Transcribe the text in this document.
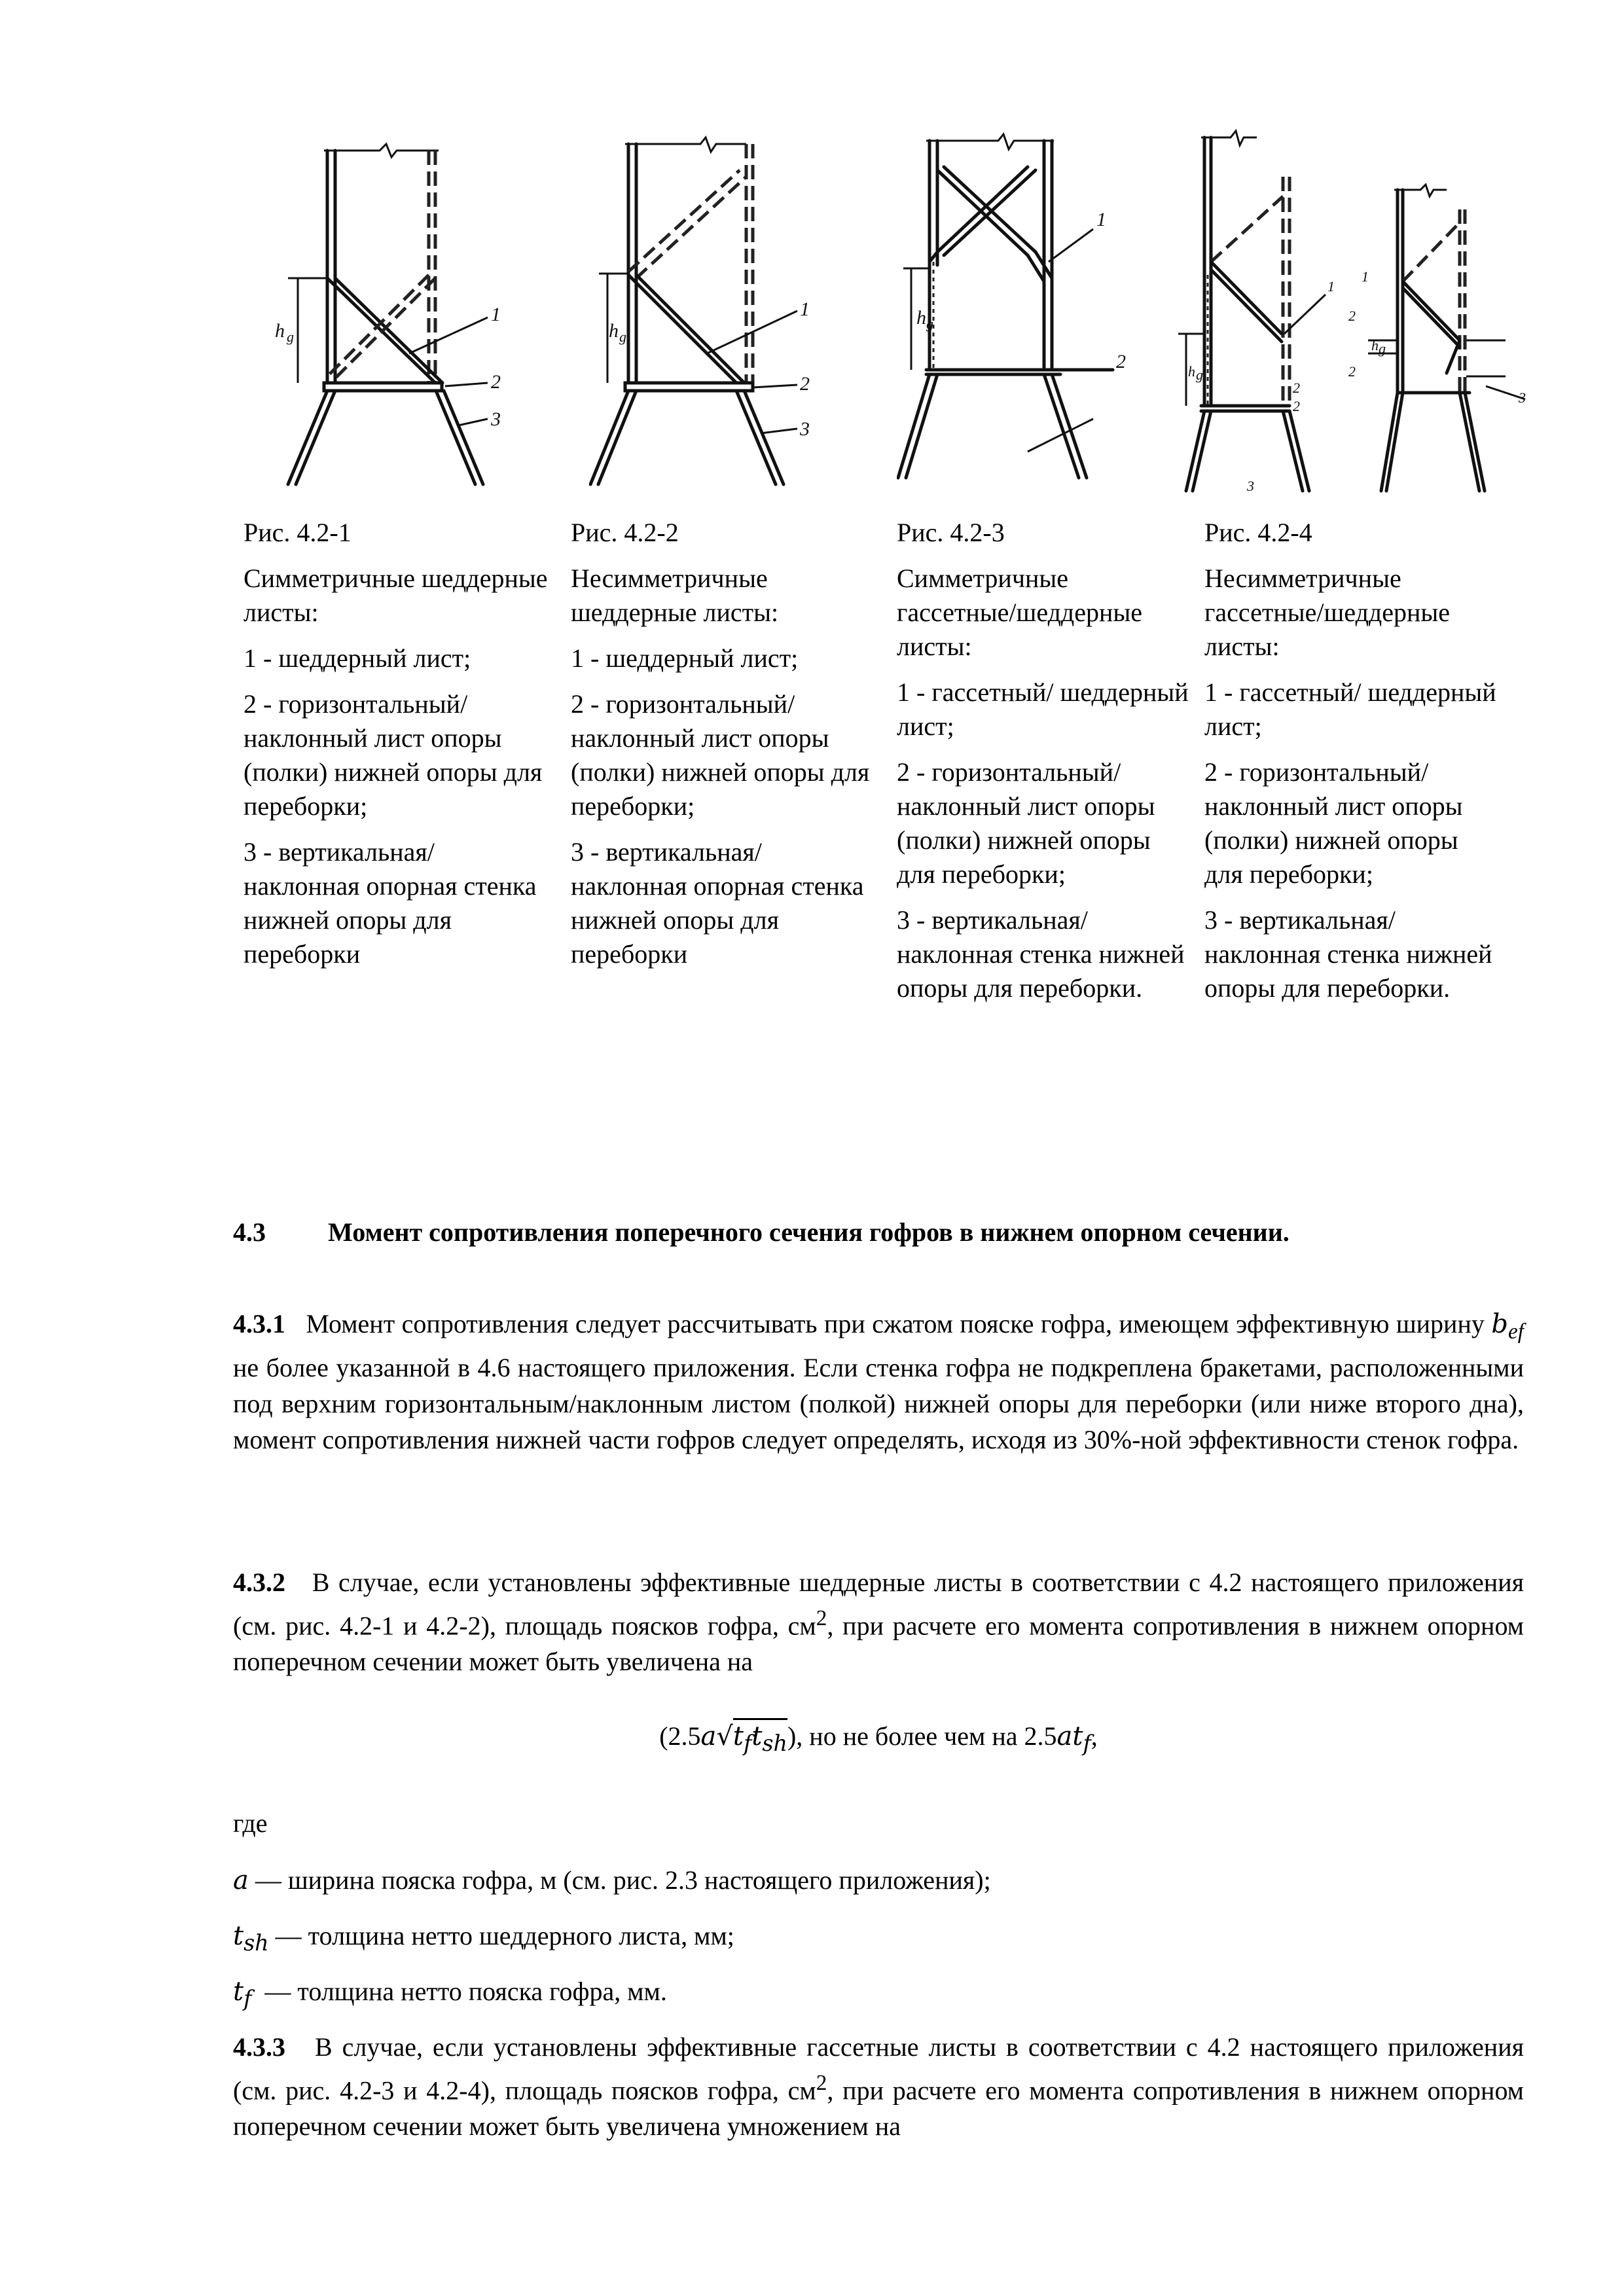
h g
1
2
3
h g
1
2
3
h g
1
2	h g
1
2
2
3
h g
3
2
2
1

Рис. 4.2-1

Симметричные шеддерные листы:

1 - шеддерный лист;

2 - горизонтальный/ наклонный лист опоры (полки) нижней опоры для переборки;

3 - вертикальная/ наклонная опорная стенка нижней опоры для переборки

Рис. 4.2-2

Несимметричные шеддерные листы:

1 - шеддерный лист;

2 - горизонтальный/ наклонный лист опоры (полки) нижней опоры для переборки;

3 - вертикальная/ наклонная опорная стенка нижней опоры для переборки

Рис. 4.2-3

Симметричные гассетные/шеддерные листы:

1 - гассетный/ шеддерный лист;

2 - горизонтальный/ наклонный лист опоры (полки) нижней опоры для переборки;

3 - вертикальная/ наклонная стенка нижней опоры для переборки.

Рис. 4.2-4

Несимметричные гассетные/шеддерные листы:

1 - гассетный/ шеддерный лист;

2 - горизонтальный/ наклонный лист опоры (полки) нижней опоры для переборки;

3 - вертикальная/ наклонная стенка нижней опоры для переборки.

4.3 Момент сопротивления поперечного сечения гофров в нижнем опорном сечении.
4.3.1 Момент сопротивления следует рассчитывать при сжатом пояске гофра, имеющем эффективную ширину $b_{ef}$ не более указанной в 4.6 настоящего приложения. Если стенка гофра не подкреплена бракетами, расположенными под верхним горизонтальным/наклонным листом (полкой) нижней опоры для переборки (или ниже второго дна), момент сопротивления нижней части гофров следует определять, исходя из 30%-ной эффективности стенок гофра.
4.3.2 В случае, если установлены эффективные шеддерные листы в соответствии с 4.2 настоящего приложения (см. рис. 4.2-1 и 4.2-2), площадь поясков гофра, $см^2$, при расчете его момента сопротивления в нижнем опорном поперечном сечении может быть увеличена на
$(2.5a√t_ft_{sh})$, но не более чем на $2.5at_f$,
где
a — ширина пояска гофра, м (см. рис. 2.3 настоящего приложения);
$t_{sh}$ — толщина нетто шеддерного листа, мм;
$t_f$  — толщина нетто пояска гофра, мм.
4.3.3 В случае, если установлены эффективные гассетные листы в соответствии с 4.2 настоящего приложения (см. рис. 4.2-3 и 4.2-4), площадь поясков гофра, $см^2$, при расчете его момента сопротивления в нижнем опорном поперечном сечении может быть увеличена умножением на
